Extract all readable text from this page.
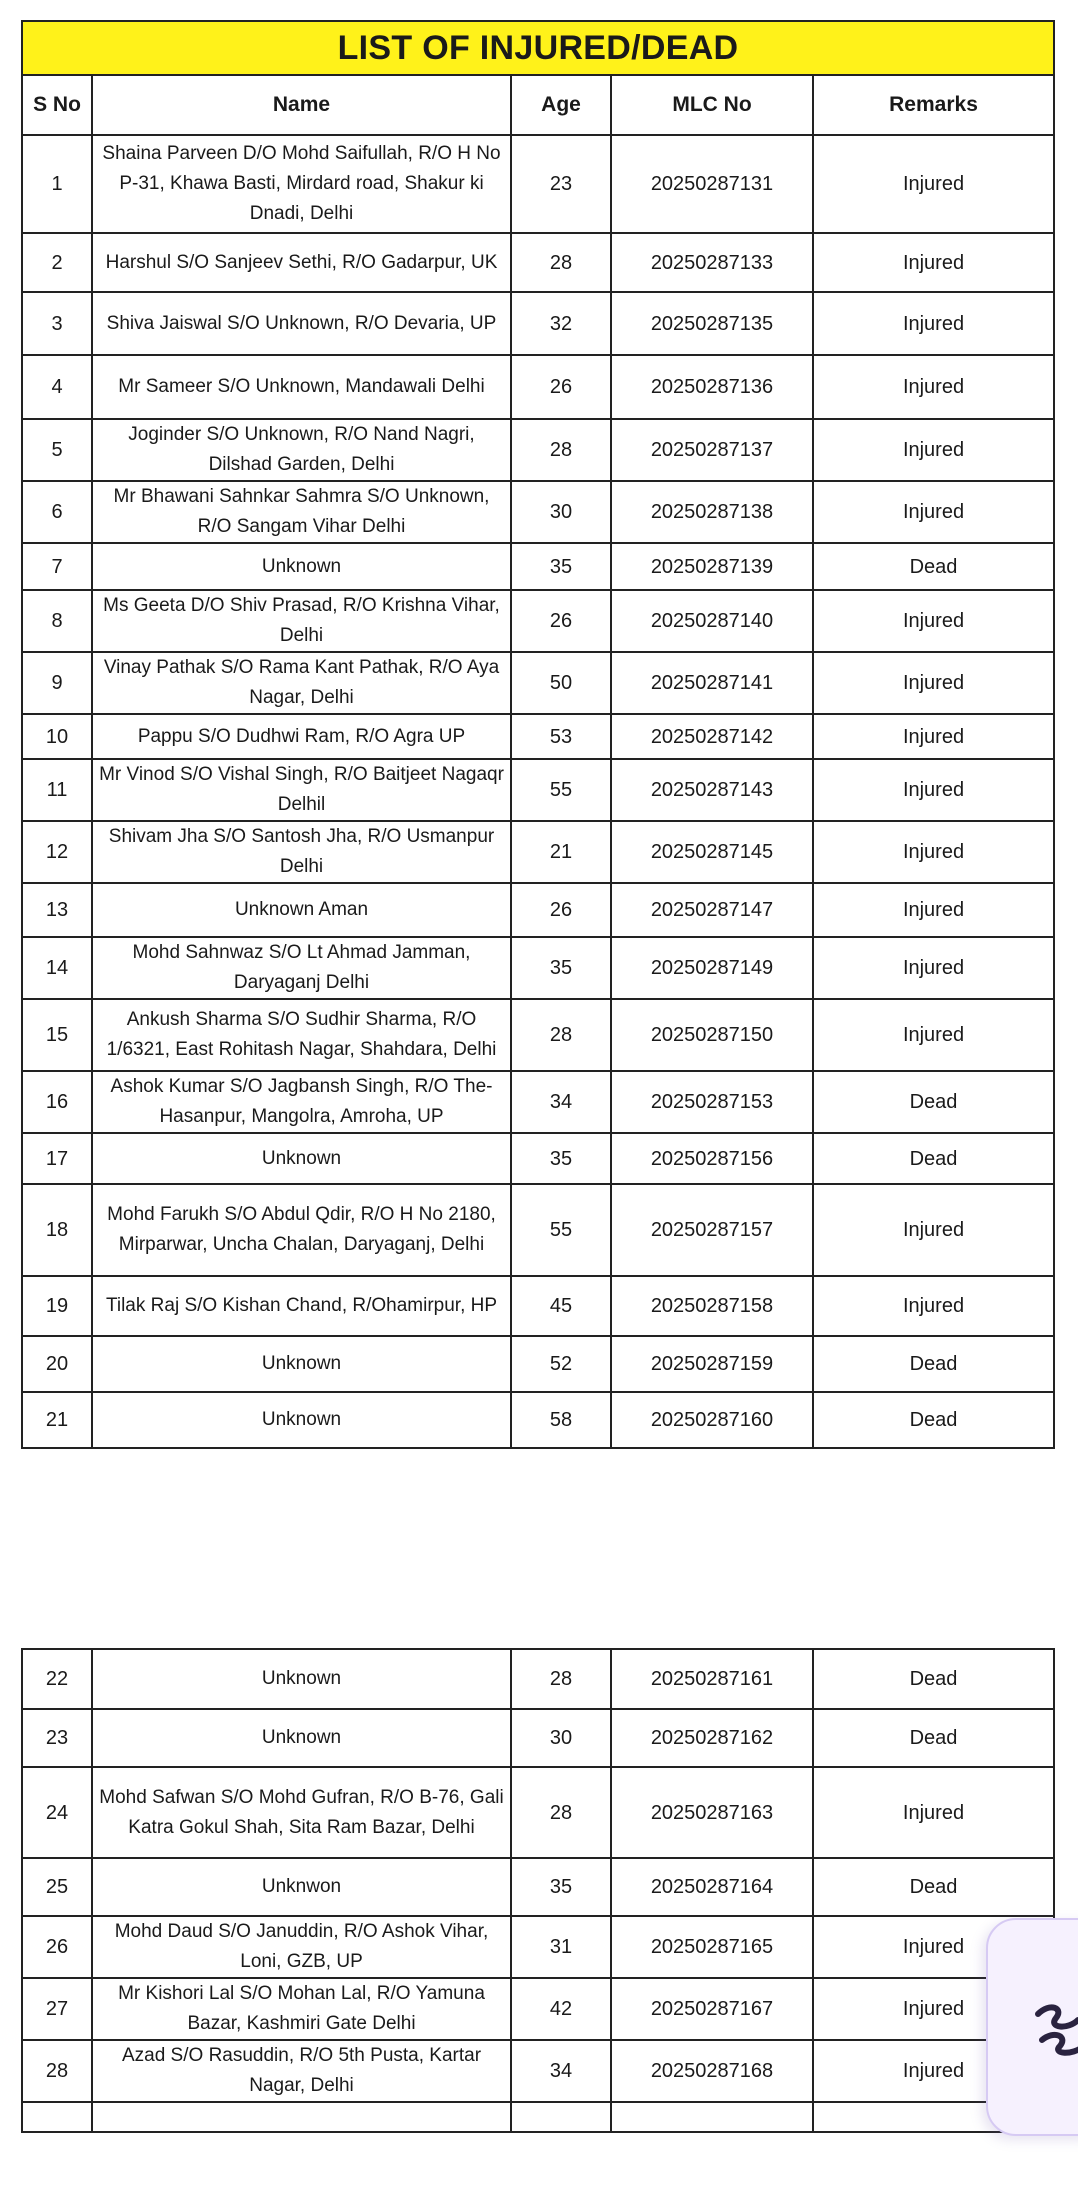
LIST OF INJURED/DEAD				
S No	Name	Age	MLC No	Remarks
1	Shaina Parveen D/O Mohd Saifullah, R/O H No P-31, Khawa Basti, Mirdard road, Shakur ki Dnadi, Delhi	23	20250287131	Injured
2	Harshul S/O Sanjeev Sethi, R/O Gadarpur, UK	28	20250287133	Injured
3	Shiva Jaiswal S/O Unknown, R/O Devaria, UP	32	20250287135	Injured
4	Mr Sameer S/O Unknown, Mandawali Delhi	26	20250287136	Injured
5	Joginder S/O Unknown, R/O Nand Nagri, Dilshad Garden, Delhi	28	20250287137	Injured
6	Mr Bhawani Sahnkar Sahmra S/O Unknown, R/O Sangam Vihar Delhi	30	20250287138	Injured
7	Unknown	35	20250287139	Dead
8	Ms Geeta D/O Shiv Prasad, R/O Krishna Vihar, Delhi	26	20250287140	Injured
9	Vinay Pathak S/O Rama Kant Pathak, R/O Aya Nagar, Delhi	50	20250287141	Injured
10	Pappu S/O Dudhwi Ram, R/O Agra UP	53	20250287142	Injured
11	Mr Vinod S/O Vishal Singh, R/O Baitjeet Nagaqr Delhil	55	20250287143	Injured
12	Shivam Jha S/O Santosh Jha, R/O Usmanpur Delhi	21	20250287145	Injured
13	Unknown Aman	26	20250287147	Injured
14	Mohd Sahnwaz S/O Lt Ahmad Jamman, Daryaganj Delhi	35	20250287149	Injured
15	Ankush Sharma S/O Sudhir Sharma, R/O 1/6321, East Rohitash Nagar, Shahdara, Delhi	28	20250287150	Injured
16	Ashok Kumar S/O Jagbansh Singh, R/O The-Hasanpur, Mangolra, Amroha, UP	34	20250287153	Dead
17	Unknown	35	20250287156	Dead
18	Mohd Farukh S/O Abdul Qdir, R/O H No 2180, Mirparwar, Uncha Chalan, Daryaganj, Delhi	55	20250287157	Injured
19	Tilak Raj S/O Kishan Chand, R/Ohamirpur, HP	45	20250287158	Injured
20	Unknown	52	20250287159	Dead
21	Unknown	58	20250287160	Dead
22	Unknown	28	20250287161	Dead
23	Unknown	30	20250287162	Dead
24	Mohd Safwan S/O Mohd Gufran, R/O B-76, Gali Katra Gokul Shah, Sita Ram Bazar, Delhi	28	20250287163	Injured
25	Unknwon	35	20250287164	Dead
26	Mohd Daud S/O Januddin, R/O Ashok Vihar, Loni, GZB, UP	31	20250287165	Injured
27	Mr Kishori Lal S/O Mohan Lal, R/O Yamuna Bazar, Kashmiri Gate Delhi	42	20250287167	Injured
28	Azad S/O Rasuddin, R/O 5th Pusta, Kartar Nagar, Delhi	34	20250287168	Injured
